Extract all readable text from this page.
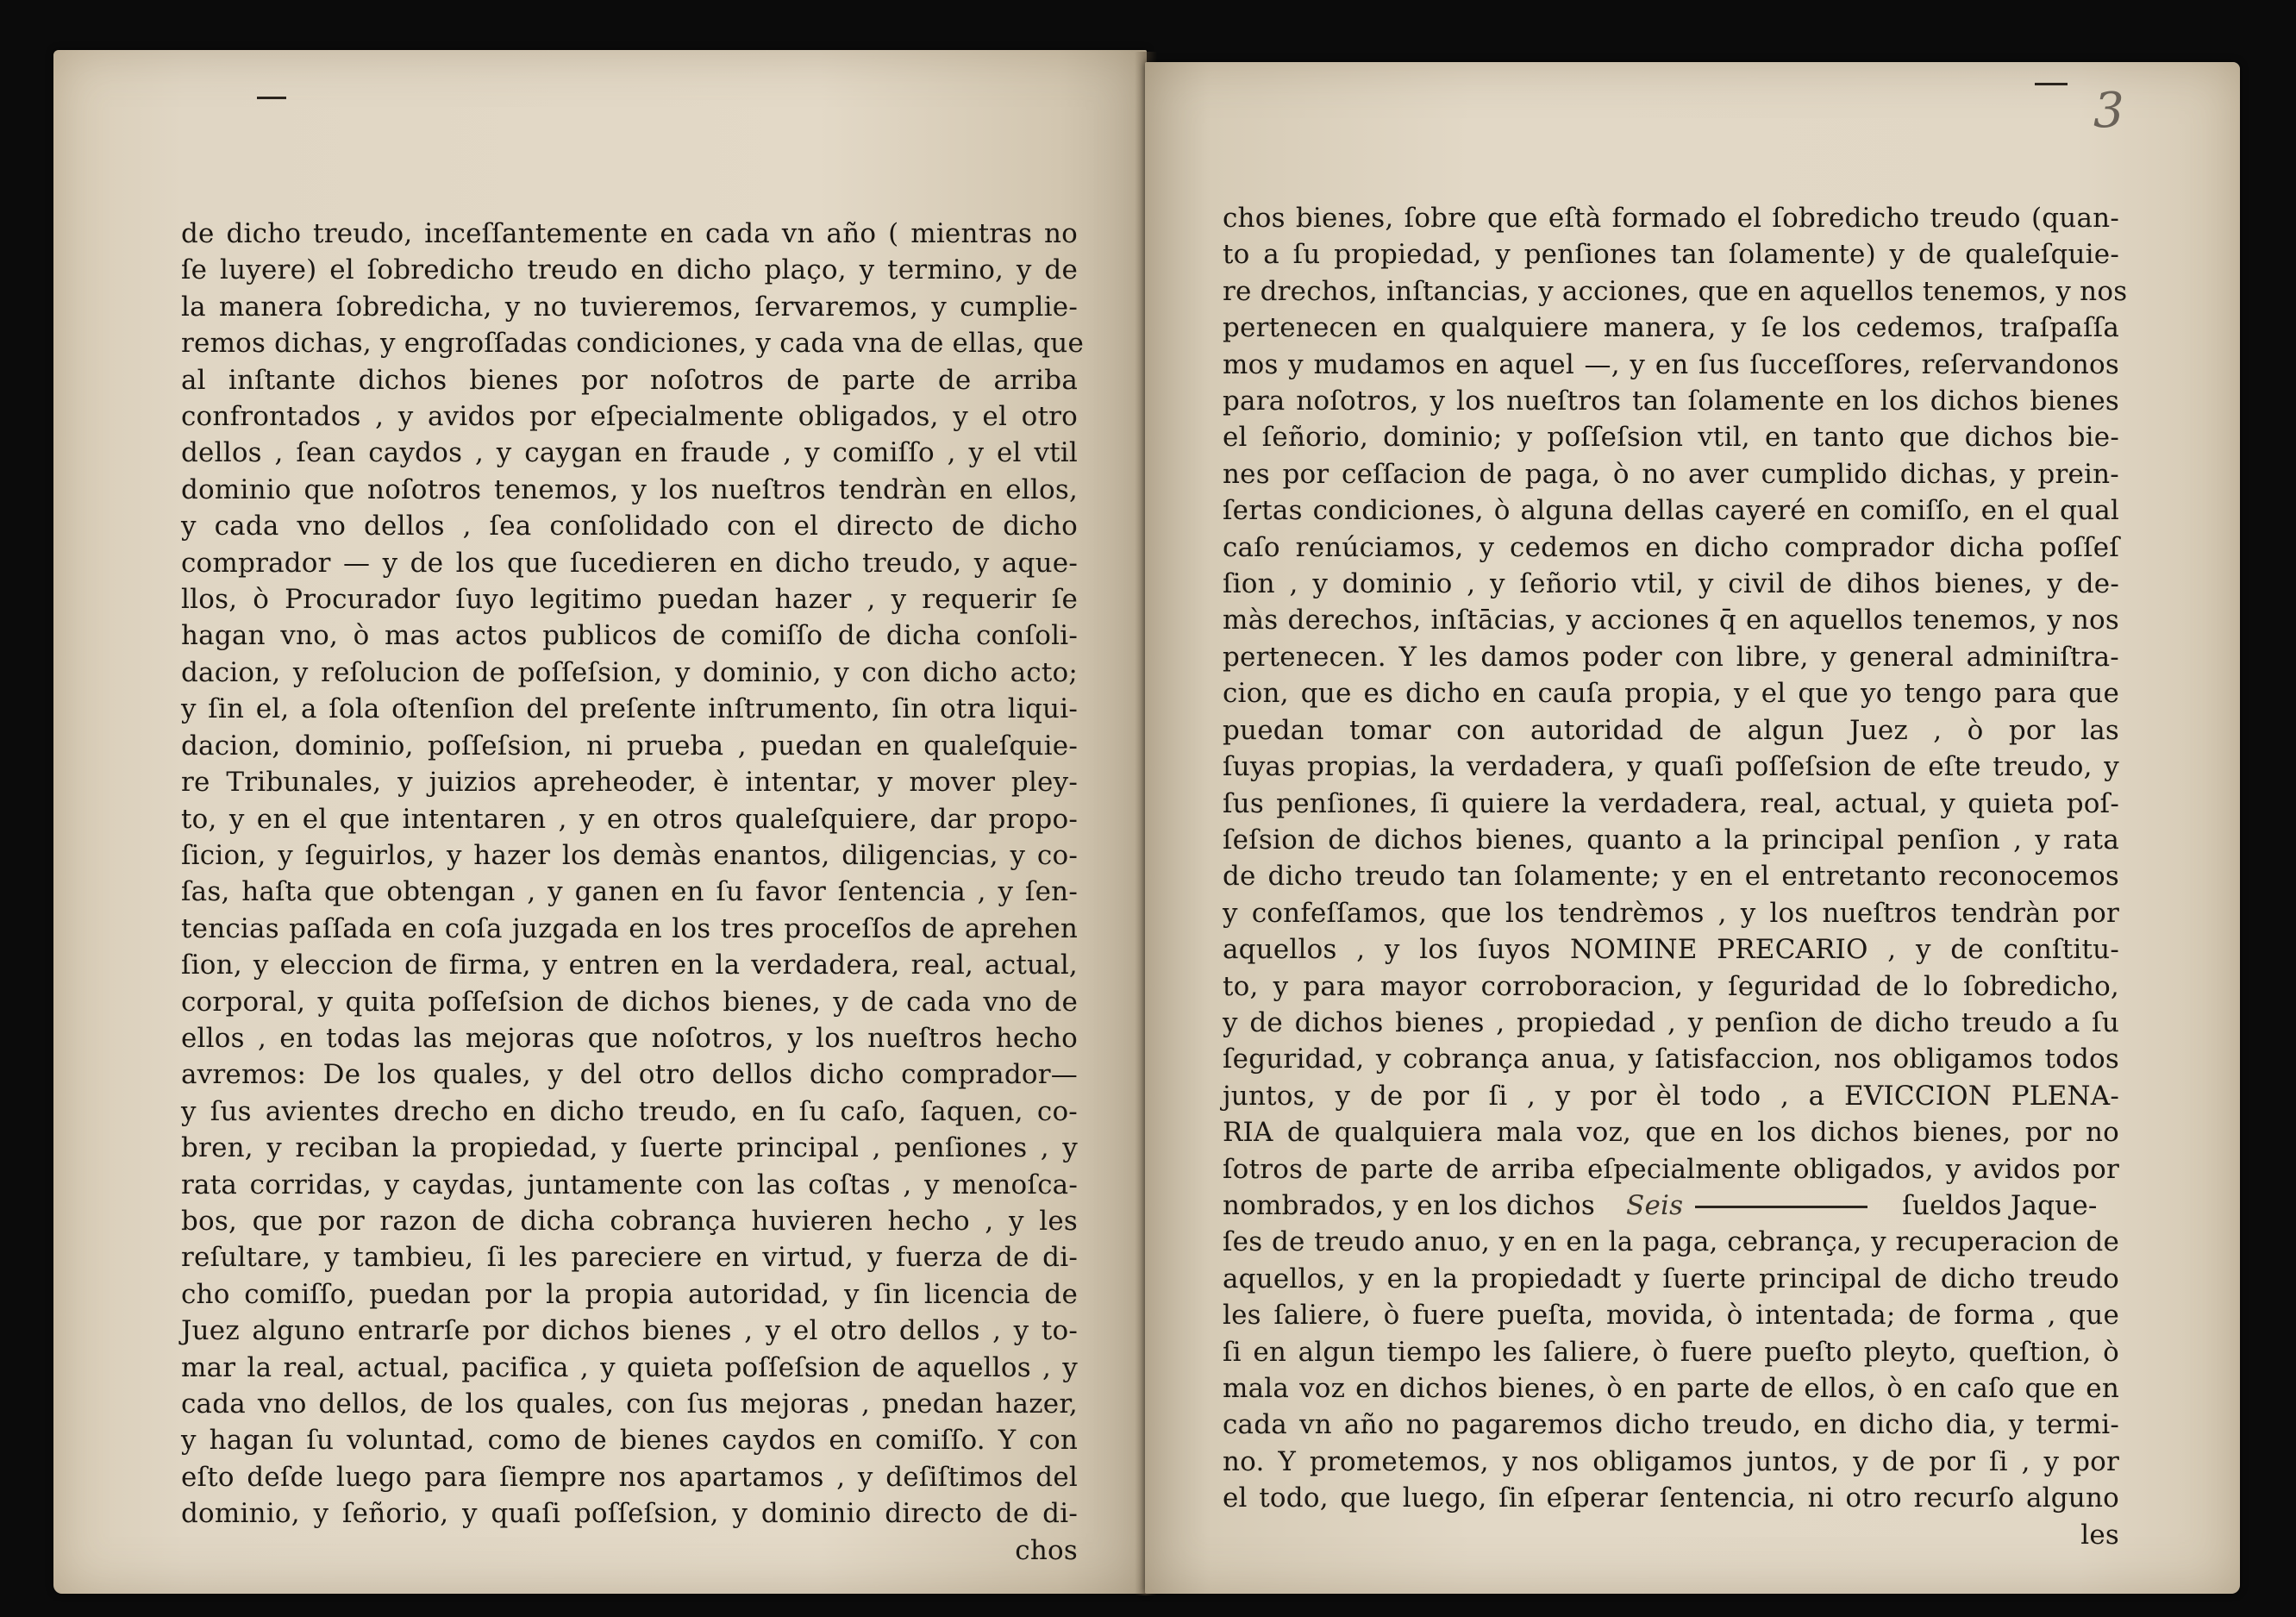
3
de dicho treudo, inceſſantemente en cada vn año ( mientras no
ſe luyere) el ſobredicho treudo en dicho plaço, y termino, y de
la manera ſobredicha, y no tuvieremos, ſervaremos, y cumplie-
remos dichas, y engroſſadas condiciones, y cada vna de ellas, que
al inſtante dichos bienes por noſotros de parte de arriba
confrontados , y avidos por eſpecialmente obligados, y el otro
dellos , ſean caydos , y caygan en fraude , y comiſſo , y el vtil
dominio que noſotros tenemos, y los nueſtros tendràn en ellos,
y cada vno dellos , ſea conſolidado con el directo de dicho
comprador — y de los que ſucedieren en dicho treudo, y aque-
llos, ò Procurador ſuyo legitimo puedan hazer , y requerir ſe
hagan vno, ò mas actos publicos de comiſſo de dicha conſoli-
dacion, y reſolucion de poſſeſsion, y dominio, y con dicho acto;
y ſin el, a ſola oſtenſion del preſente inſtrumento, ſin otra liqui-
dacion, dominio, poſſeſsion, ni prueba , puedan en qualeſquie-
re Tribunales, y juizios apreheoder, è intentar, y mover pley-
to, y en el que intentaren , y en otros qualeſquiere, dar propo-
ſicion, y ſeguirlos, y hazer los demàs enantos, diligencias, y co-
ſas, haſta que obtengan , y ganen en ſu favor ſentencia , y ſen-
tencias paſſada en coſa juzgada en los tres proceſſos de aprehen
ſion, y eleccion de firma, y entren en la verdadera, real, actual,
corporal, y quita poſſeſsion de dichos bienes, y de cada vno de
ellos , en todas las mejoras que noſotros, y los nueſtros hecho
avremos: De los quales, y del otro dellos dicho comprador—
y ſus avientes drecho en dicho treudo, en ſu caſo, ſaquen, co-
bren, y reciban la propiedad, y ſuerte principal , penſiones , y
rata corridas, y caydas, juntamente con las coſtas , y menoſca-
bos, que por razon de dicha cobrança huvieren hecho , y les
reſultare, y tambieu, ſi les pareciere en virtud, y fuerza de di-
cho comiſſo, puedan por la propia autoridad, y ſin licencia de
Juez alguno entrarſe por dichos bienes , y el otro dellos , y to-
mar la real, actual, pacifica , y quieta poſſeſsion de aquellos , y
cada vno dellos, de los quales, con ſus mejoras , pnedan hazer,
y hagan ſu voluntad, como de bienes caydos en comiſſo. Y con
eſto deſde luego para ſiempre nos apartamos , y deſiſtimos del
dominio, y ſeñorio, y quaſi poſſeſsion, y dominio directo de di-
chos
chos bienes, ſobre que eſtà formado el ſobredicho treudo (quan-
to a ſu propiedad, y penſiones tan ſolamente) y de qualeſquie-
re drechos, inſtancias, y acciones, que en aquellos tenemos, y nos
pertenecen en qualquiere manera, y ſe los cedemos, traſpaſſa
mos y mudamos en aquel —, y en ſus ſucceſſores, reſervandonos
para noſotros, y los nueſtros tan ſolamente en los dichos bienes
el ſeñorio, dominio; y poſſeſsion vtil, en tanto que dichos bie-
nes por ceſſacion de paga, ò no aver cumplido dichas, y prein-
ſertas condiciones, ò alguna dellas cayeré en comiſſo, en el qual
caſo renúciamos, y cedemos en dicho comprador dicha poſſeſ
ſion , y dominio , y ſeñorio vtil, y civil de dihos bienes, y de-
màs derechos, inſtācias, y acciones q̄ en aquellos tenemos, y nos
pertenecen. Y les damos poder con libre, y general adminiſtra-
cion, que es dicho en cauſa propia, y el que yo tengo para que
puedan tomar con autoridad de algun Juez , ò por las
ſuyas propias, la verdadera, y quaſi poſſeſsion de eſte treudo, y
ſus penſiones, ſi quiere la verdadera, real, actual, y quieta poſ-
ſeſsion de dichos bienes, quanto a la principal penſion , y rata
de dicho treudo tan ſolamente; y en el entretanto reconocemos
y confeſſamos, que los tendrèmos , y los nueſtros tendràn por
aquellos , y los ſuyos NOMINE PRECARIO , y de conſtitu-
to, y para mayor corroboracion, y ſeguridad de lo ſobredicho,
y de dichos bienes , propiedad , y penſion de dicho treudo a ſu
ſeguridad, y cobrança anua, y ſatisfaccion, nos obligamos todos
juntos, y de por ſi , y por èl todo , a EVICCION PLENA-
RIA de qualquiera mala voz, que en los dichos bienes, por no
ſotros de parte de arriba eſpecialmente obligados, y avidos por
nombrados, y en los dichos Seis	ſueldos Jaque-
ſes de treudo anuo, y en en la paga, cebrança, y recuperacion de
aquellos, y en la propiedadt y ſuerte principal de dicho treudo
les ſaliere, ò fuere pueſta, movida, ò intentada; de forma , que
ſi en algun tiempo les ſaliere, ò fuere pueſto pleyto, queſtion, ò
mala voz en dichos bienes, ò en parte de ellos, ò en caſo que en
cada vn año no pagaremos dicho treudo, en dicho dia, y termi-
no. Y prometemos, y nos obligamos juntos, y de por ſi , y por
el todo, que luego, ſin eſperar ſentencia, ni otro recurſo alguno
les
